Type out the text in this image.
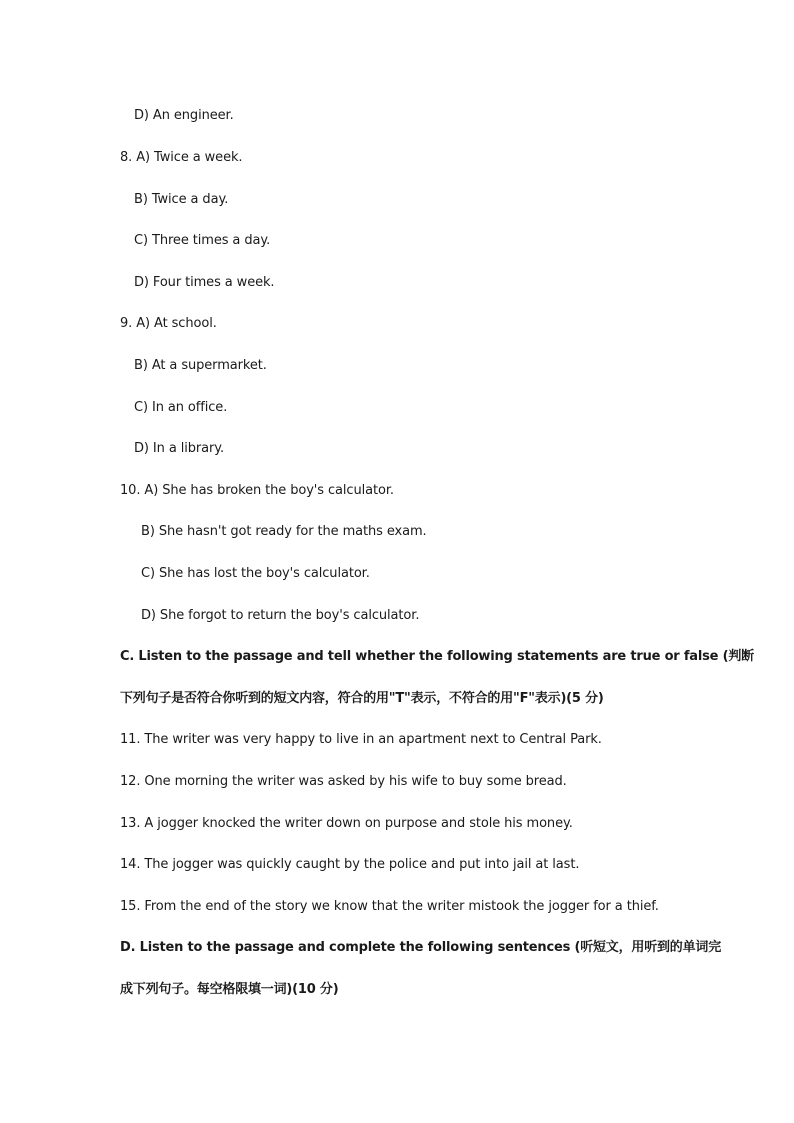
D) An engineer.
8. A) Twice a week.
B) Twice a day.
C) Three times a day.
D) Four times a week.
9. A) At school.
B) At a supermarket.
C) In an office.
D) In a library.
10. A) She has broken the boy's calculator.
B) She hasn't got ready for the maths exam.
C) She has lost the boy's calculator.
D) She forgot to return the boy's calculator.
C. Listen to the passage and tell whether the following statements are true or false (判断
下列句子是否符合你听到的短文内容，符合的用"T"表示，不符合的用"F"表示)(5 分)
11. The writer was very happy to live in an apartment next to Central Park.
12. One morning the writer was asked by his wife to buy some bread.
13. A jogger knocked the writer down on purpose and stole his money.
14. The jogger was quickly caught by the police and put into jail at last.
15. From the end of the story we know that the writer mistook the jogger for a thief.
D. Listen to the passage and complete the following sentences (听短文，用听到的单词完
成下列句子。每空格限填一词)(10 分)
